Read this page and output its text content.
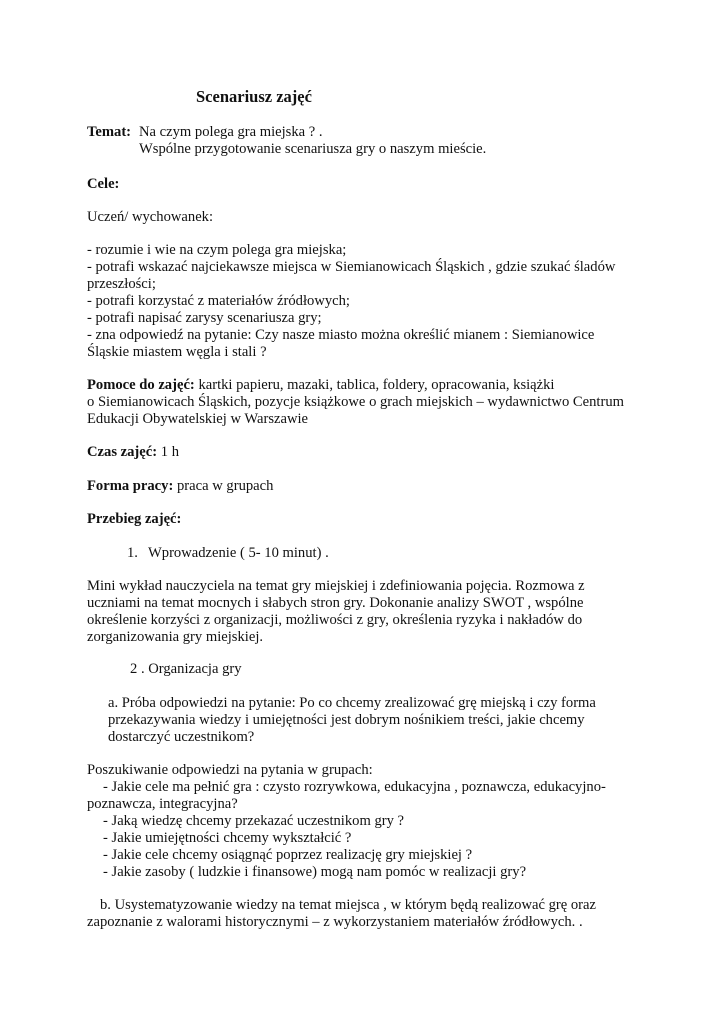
Scenariusz zajęć
Temat: Na czym polega gra miejska ? .
Wspólne przygotowanie scenariusza gry o naszym mieście.
Cele:
Uczeń/ wychowanek:
- rozumie i wie na czym polega gra miejska;
- potrafi wskazać najciekawsze miejsca w Siemianowicach Śląskich , gdzie szukać śladów
przeszłości;
- potrafi korzystać z materiałów źródłowych;
- potrafi napisać zarysy scenariusza gry;
- zna odpowiedź na pytanie: Czy nasze miasto można określić mianem : Siemianowice
Śląskie miastem węgla i stali ?
Pomoce do zajęć: kartki papieru, mazaki, tablica, foldery, opracowania, książki
o Siemianowicach Śląskich, pozycje książkowe o grach miejskich – wydawnictwo Centrum
Edukacji Obywatelskiej w Warszawie
Czas zajęć: 1 h
Forma pracy: praca w grupach
Przebieg zajęć:
1. Wprowadzenie ( 5- 10 minut) .
Mini wykład nauczyciela na temat gry miejskiej i zdefiniowania pojęcia. Rozmowa z
uczniami na temat mocnych i słabych stron gry. Dokonanie analizy SWOT , wspólne
określenie korzyści z organizacji, możliwości z gry, określenia ryzyka i nakładów do
zorganizowania gry miejskiej.
2 . Organizacja gry
a. Próba odpowiedzi na pytanie: Po co chcemy zrealizować grę miejską i czy forma
przekazywania wiedzy i umiejętności jest dobrym nośnikiem treści, jakie chcemy
dostarczyć uczestnikom?
Poszukiwanie odpowiedzi na pytania w grupach:
- Jakie cele ma pełnić gra : czysto rozrywkowa, edukacyjna , poznawcza, edukacyjno-
poznawcza, integracyjna?
- Jaką wiedzę chcemy przekazać uczestnikom gry ?
- Jakie umiejętności chcemy wykształcić ?
- Jakie cele chcemy osiągnąć poprzez realizację gry miejskiej ?
- Jakie zasoby ( ludzkie i finansowe) mogą nam pomóc w realizacji gry?
b. Usystematyzowanie wiedzy na temat miejsca , w którym będą realizować grę oraz
zapoznanie z walorami historycznymi – z wykorzystaniem materiałów źródłowych. .
